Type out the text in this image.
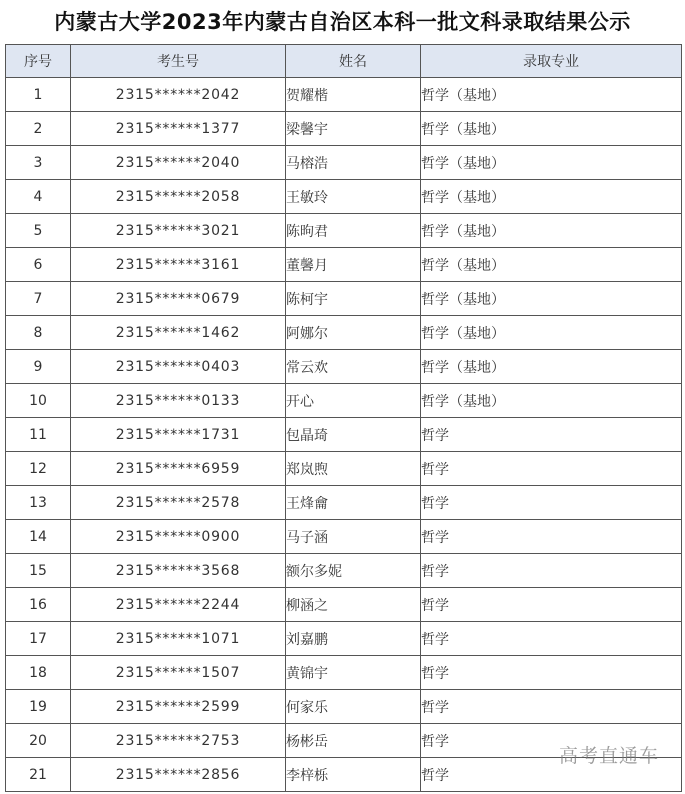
内蒙古大学2023年内蒙古自治区本科一批文科录取结果公示
序号	考生号	姓名	录取专业
1	2315******2042	贺耀楷	哲学（基地）
2	2315******1377	梁馨宇	哲学（基地）
3	2315******2040	马榕浩	哲学（基地）
4	2315******2058	王敏玲	哲学（基地）
5	2315******3021	陈昫君	哲学（基地）
6	2315******3161	董馨月	哲学（基地）
7	2315******0679	陈柯宇	哲学（基地）
8	2315******1462	阿娜尔	哲学（基地）
9	2315******0403	常云欢	哲学（基地）
10	2315******0133	开心	哲学（基地）
11	2315******1731	包晶琦	哲学
12	2315******6959	郑岚煦	哲学
13	2315******2578	王烽龠	哲学
14	2315******0900	马子涵	哲学
15	2315******3568	额尔多妮	哲学
16	2315******2244	柳涵之	哲学
17	2315******1071	刘嘉鹏	哲学
18	2315******1507	黄锦宇	哲学
19	2315******2599	何家乐	哲学
20	2315******2753	杨彬岳	哲学
21	2315******2856	李梓栎	哲学
高考直通车
